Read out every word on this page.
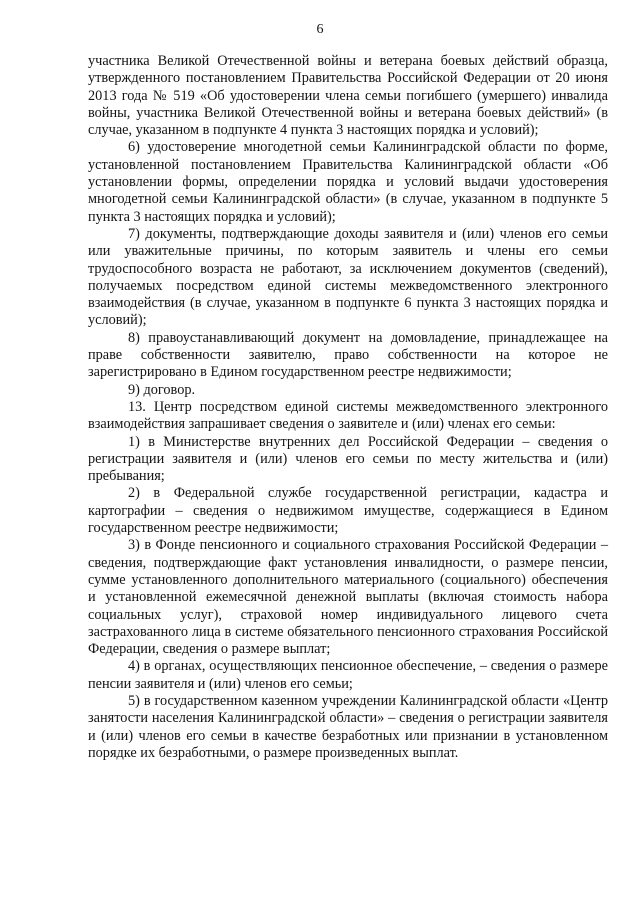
6

участника Великой Отечественной войны и ветерана боевых действий образца, утвержденного постановлением Правительства Российской Федерации от 20 июня 2013 года № 519 «Об удостоверении члена семьи погибшего (умершего) инвалида войны, участника Великой Отечественной войны и ветерана боевых действий» (в случае, указанном в подпункте 4 пункта 3 настоящих порядка и условий);

6) удостоверение многодетной семьи Калининградской области по форме, установленной постановлением Правительства Калининградской области «Об установлении формы, определении порядка и условий выдачи удостоверения многодетной семьи Калининградской области» (в случае, указанном в подпункте 5 пункта 3 настоящих порядка и условий);

7) документы, подтверждающие доходы заявителя и (или) членов его семьи или уважительные причины, по которым заявитель и члены его семьи трудоспособного возраста не работают, за исключением документов (сведений), получаемых посредством единой системы межведомственного электронного взаимодействия (в случае, указанном в подпункте 6 пункта 3 настоящих порядка и условий);

8) правоустанавливающий документ на домовладение, принадлежащее на праве собственности заявителю, право собственности на которое не зарегистрировано в Едином государственном реестре недвижимости;

9) договор.

13. Центр посредством единой системы межведомственного электронного взаимодействия запрашивает сведения о заявителе и (или) членах его семьи:

1) в Министерстве внутренних дел Российской Федерации – сведения о регистрации заявителя и (или) членов его семьи по месту жительства и (или) пребывания;

2) в Федеральной службе государственной регистрации, кадастра и картографии – сведения о недвижимом имуществе, содержащиеся в Едином государственном реестре недвижимости;

3) в Фонде пенсионного и социального страхования Российской Федерации – сведения, подтверждающие факт установления инвалидности, о размере пенсии, сумме установленного дополнительного материального (социального) обеспечения и установленной ежемесячной денежной выплаты (включая стоимость набора социальных услуг), страховой номер индивидуального лицевого счета застрахованного лица в системе обязательного пенсионного страхования Российской Федерации, сведения о размере выплат;

4) в органах, осуществляющих пенсионное обеспечение, – сведения о размере пенсии заявителя и (или) членов его семьи;

5) в государственном казенном учреждении Калининградской области «Центр занятости населения Калининградской области» – сведения о регистрации заявителя и (или) членов его семьи в качестве безработных или признании в установленном порядке их безработными, о размере произведенных выплат.
